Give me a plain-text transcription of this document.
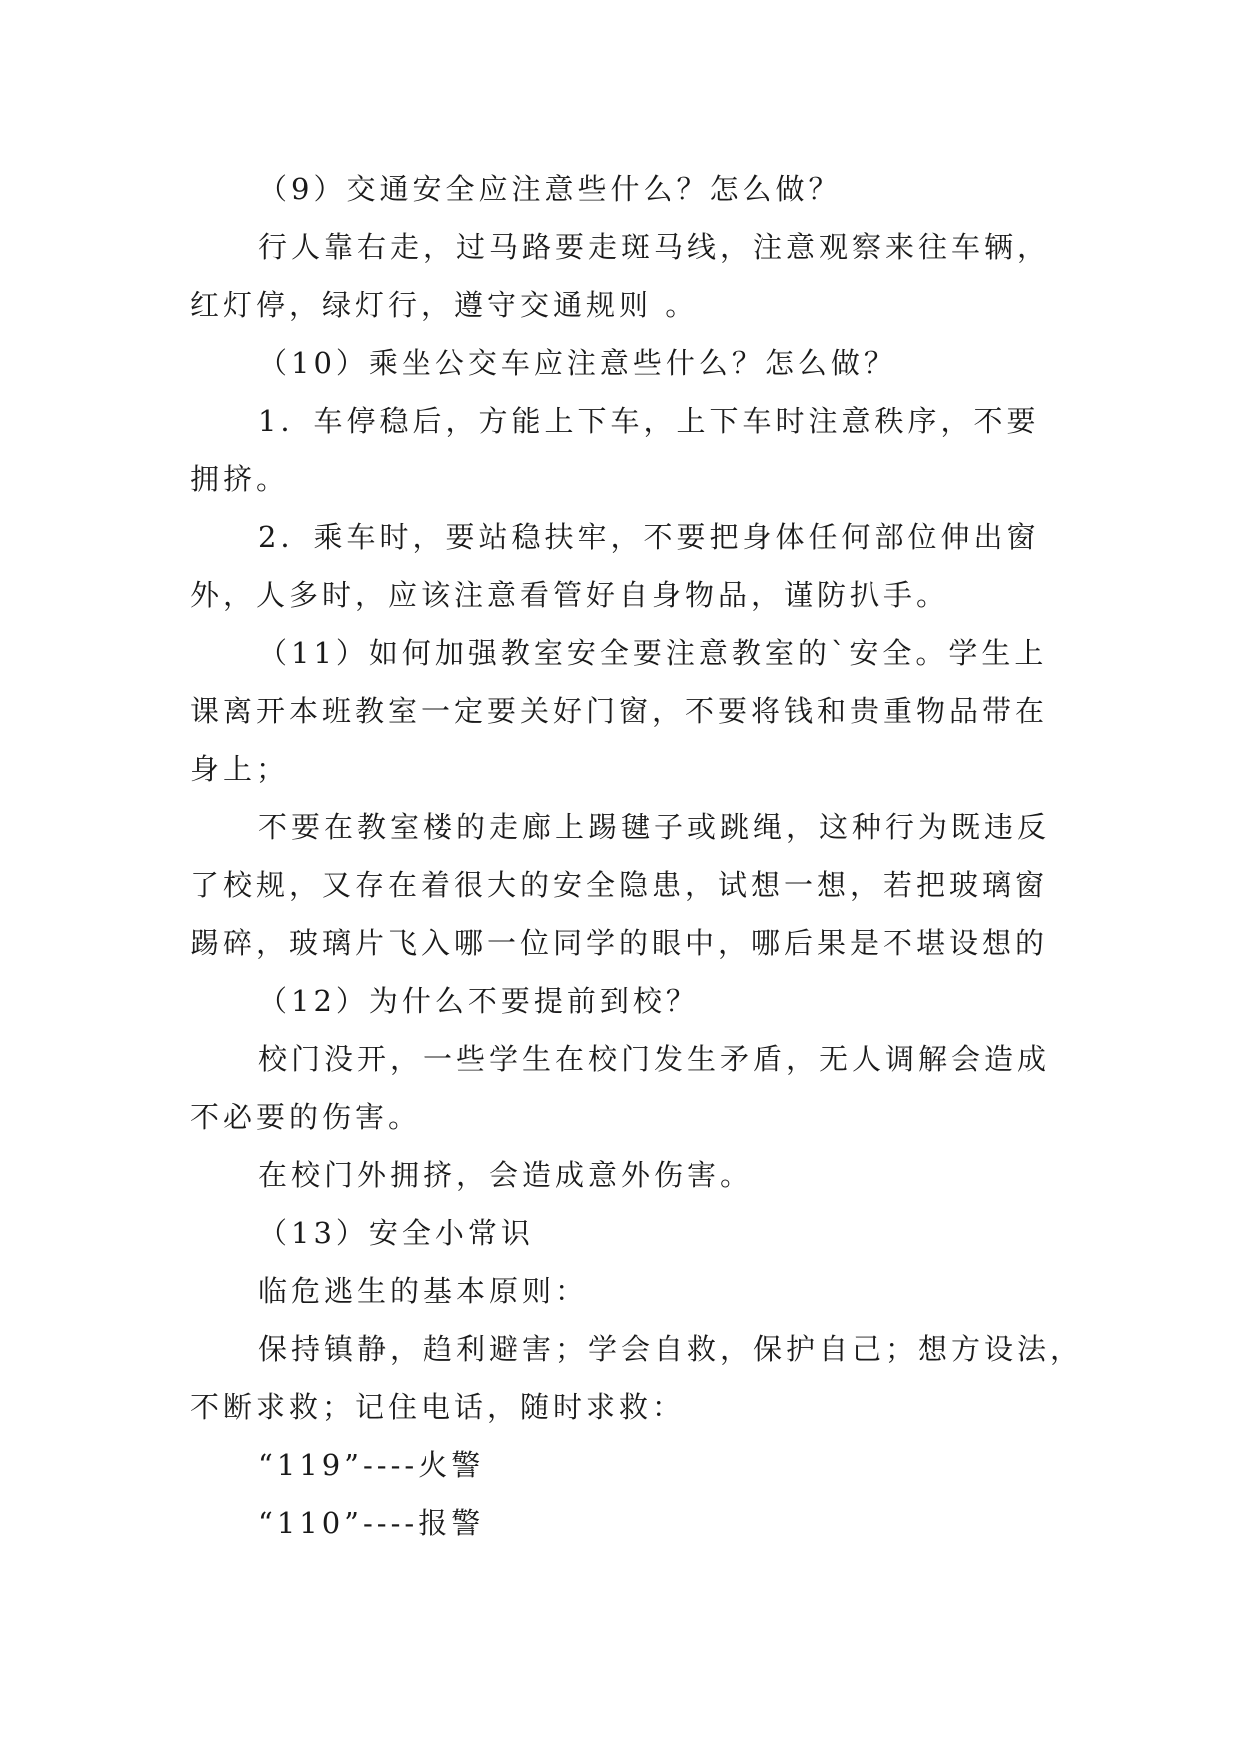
（9）交通安全应注意些什么？怎么做？

行人靠右走，过马路要走斑马线，注意观察来往车辆，

红灯停，绿灯行，遵守交通规则 。

（10）乘坐公交车应注意些什么？怎么做？

1．车停稳后，方能上下车，上下车时注意秩序，不要

拥挤。

2．乘车时，要站稳扶牢，不要把身体任何部位伸出窗

外，人多时，应该注意看管好自身物品，谨防扒手。

（11）如何加强教室安全要注意教室的`安全。学生上

课离开本班教室一定要关好门窗，不要将钱和贵重物品带在

身上；

不要在教室楼的走廊上踢毽子或跳绳，这种行为既违反

了校规，又存在着很大的安全隐患，试想一想，若把玻璃窗

踢碎，玻璃片飞入哪一位同学的眼中，哪后果是不堪设想的

（12）为什么不要提前到校？

校门没开，一些学生在校门发生矛盾，无人调解会造成

不必要的伤害。

在校门外拥挤，会造成意外伤害。

（13）安全小常识

临危逃生的基本原则：

保持镇静，趋利避害；学会自救，保护自己；想方设法，

不断求救；记住电话，随时求救：

“119”----火警

“110”----报警
